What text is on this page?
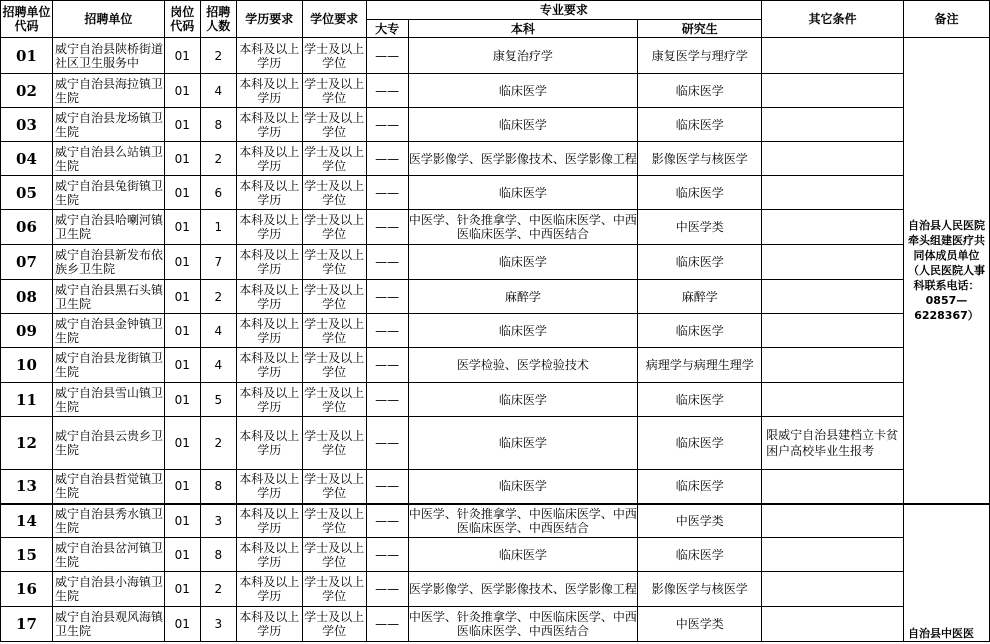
招聘单位代码	招聘单位	岗位代码	招聘人数	学历要求	学位要求	专业要求			其它条件	备注
						大专	本科	研究生		
01	威宁自治县陕桥街道社区卫生服务中	01	2	本科及以上学历	学士及以上学位	——	康复治疗学	康复医学与理疗学		自治县人民医院牵头组建医疗共同体成员单位（人民医院人事科联系电话：0857—6228367）
02	威宁自治县海拉镇卫生院	01	4	本科及以上学历	学士及以上学位	——	临床医学	临床医学		
03	威宁自治县龙场镇卫生院	01	8	本科及以上学历	学士及以上学位	——	临床医学	临床医学		
04	威宁自治县么站镇卫生院	01	2	本科及以上学历	学士及以上学位	——	医学影像学、医学影像技术、医学影像工程	影像医学与核医学		
05	威宁自治县兔街镇卫生院	01	6	本科及以上学历	学士及以上学位	——	临床医学	临床医学		
06	威宁自治县哈喇河镇卫生院	01	1	本科及以上学历	学士及以上学位	——	中医学、针灸推拿学、中医临床医学、中西医临床医学、中西医结合	中医学类		
07	威宁自治县新发布依族乡卫生院	01	7	本科及以上学历	学士及以上学位	——	临床医学	临床医学		
08	威宁自治县黑石头镇卫生院	01	2	本科及以上学历	学士及以上学位	——	麻醉学	麻醉学		
09	威宁自治县金钟镇卫生院	01	4	本科及以上学历	学士及以上学位	——	临床医学	临床医学		
10	威宁自治县龙街镇卫生院	01	4	本科及以上学历	学士及以上学位	——	医学检验、医学检验技术	病理学与病理生理学		
11	威宁自治县雪山镇卫生院	01	5	本科及以上学历	学士及以上学位	——	临床医学	临床医学		
12	威宁自治县云贵乡卫生院	01	2	本科及以上学历	学士及以上学位	——	临床医学	临床医学	限威宁自治县建档立卡贫困户高校毕业生报考	
13	威宁自治县哲觉镇卫生院	01	8	本科及以上学历	学士及以上学位	——	临床医学	临床医学		
14	威宁自治县秀水镇卫生院	01	3	本科及以上学历	学士及以上学位	——	中医学、针灸推拿学、中医临床医学、中西医临床医学、中西医结合	中医学类		自治县中医医
15	威宁自治县岔河镇卫生院	01	8	本科及以上学历	学士及以上学位	——	临床医学	临床医学		
16	威宁自治县小海镇卫生院	01	2	本科及以上学历	学士及以上学位	——	医学影像学、医学影像技术、医学影像工程	影像医学与核医学		
17	威宁自治县观风海镇卫生院	01	3	本科及以上学历	学士及以上学位	——	中医学、针灸推拿学、中医临床医学、中西医临床医学、中西医结合	中医学类		
